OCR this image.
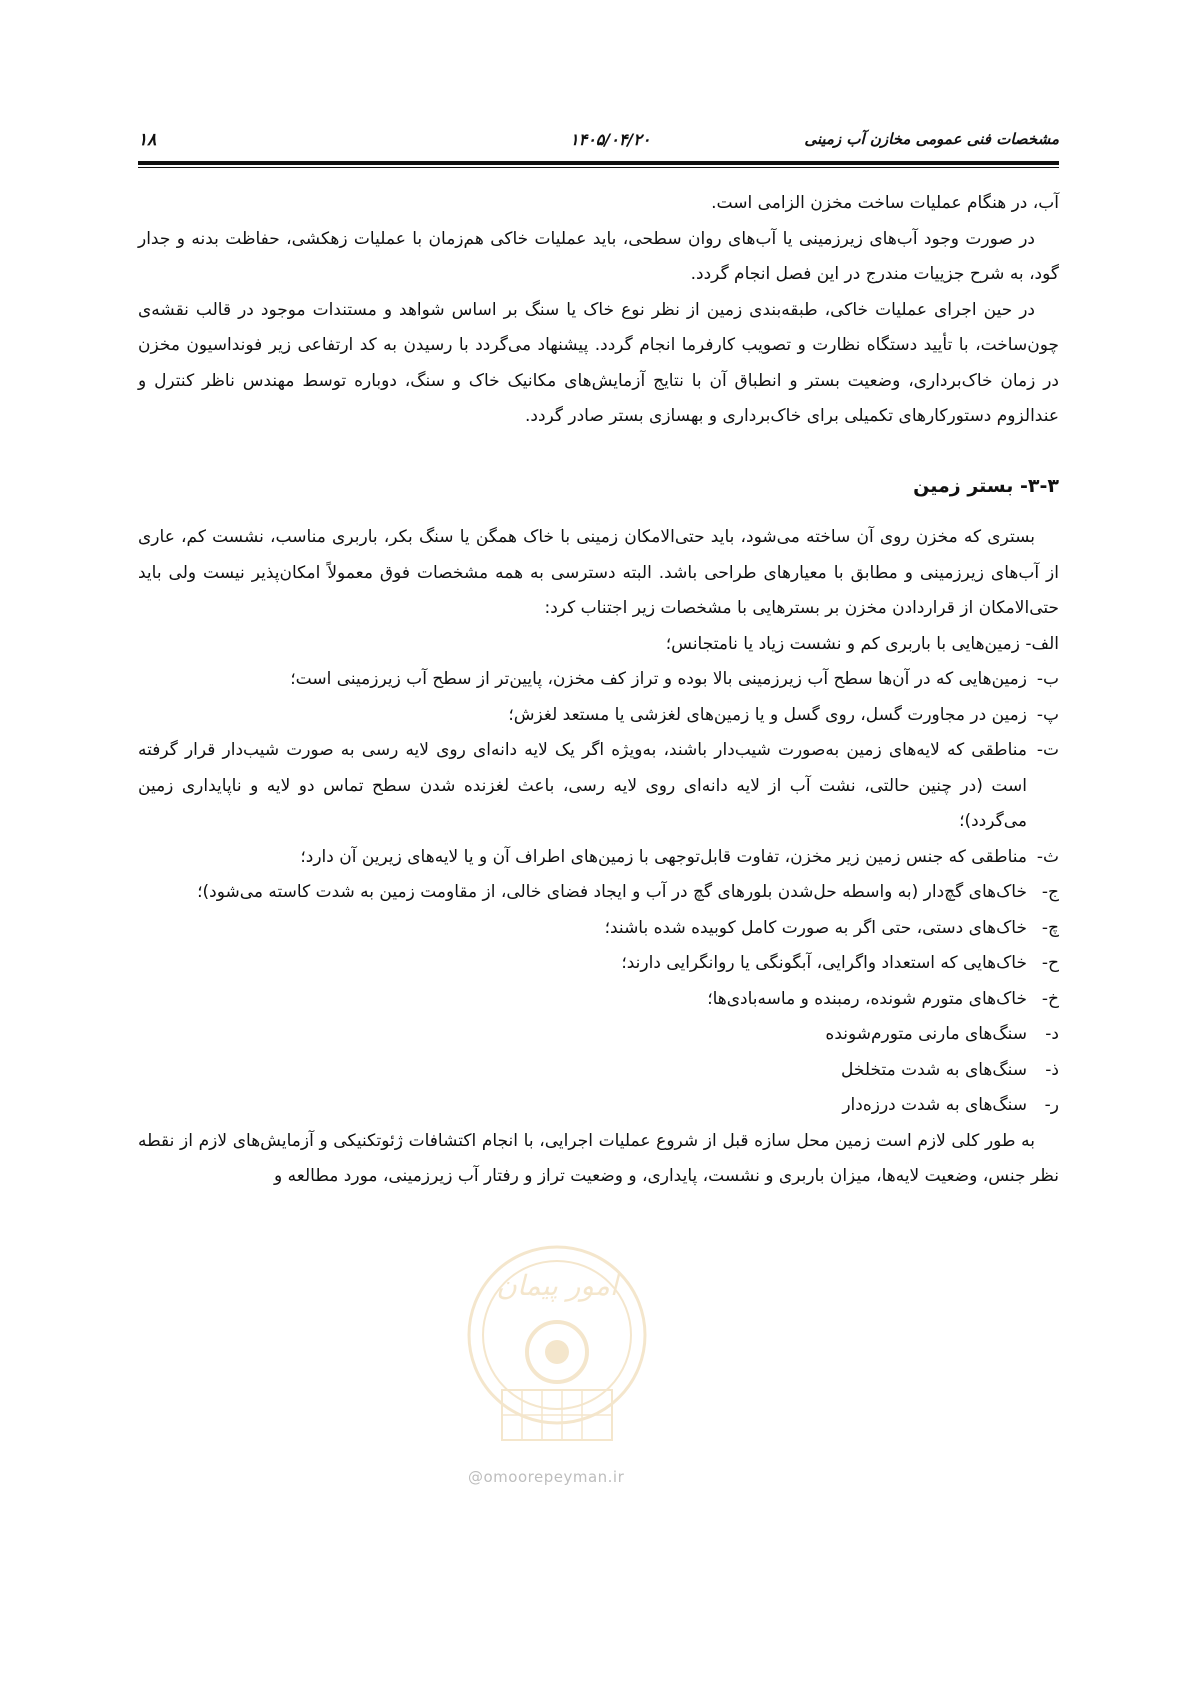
۱۸	۱۴۰۵/۰۴/۲۰	مشخصات فنی عمومی مخازن آب زمینی

آب، در هنگام عملیات ساخت مخزن الزامی است.

در صورت وجود آب‌های زیرزمینی یا آب‌های روان سطحی، باید عملیات خاکی هم‌زمان با عملیات زهکشی، حفاظت بدنه و جدار گود، به شرح جزییات مندرج در این فصل انجام گردد.

در حین اجرای عملیات خاکی، طبقه‌بندی زمین از نظر نوع خاک یا سنگ بر اساس شواهد و مستندات موجود در قالب نقشه‌ی چون‌ساخت، با تأیید دستگاه نظارت و تصویب کارفرما انجام گردد. پیشنهاد می‌گردد با رسیدن به کد ارتفاعی زیر فونداسیون مخزن در زمان خاک‌برداری، وضعیت بستر و انطباق آن با نتایج آزمایش‌های مکانیک خاک و سنگ، دوباره توسط مهندس ناظر کنترل و عندالزوم دستورکارهای تکمیلی برای خاک‌برداری و بهسازی بستر صادر گردد.

۳-۳- بستر زمین

بستری که مخزن روی آن ساخته می‌شود، باید حتی‌الامکان زمینی با خاک همگن یا سنگ بکر، باربری مناسب، نشست کم، عاری از آب‌های زیرزمینی و مطابق با معیارهای طراحی باشد. البته دسترسی به همه مشخصات فوق معمولاً امکان‌پذیر نیست ولی باید حتی‌الامکان از قراردادن مخزن بر بسترهایی با مشخصات زیر اجتناب کرد:

الف- زمین‌هایی با باربری کم و نشست زیاد یا نامتجانس؛
ب-
زمین‌هایی که در آن‌ها سطح آب زیرزمینی بالا بوده و تراز کف مخزن، پایین‌تر از سطح آب زیرزمینی است؛
پ-
زمین در مجاورت گسل، روی گسل و یا زمین‌های لغزشی یا مستعد لغزش؛
ت-
مناطقی که لایه‌های زمین به‌صورت شیب‌دار باشند، به‌ویژه اگر یک لایه دانه‌ای روی لایه رسی به صورت شیب‌دار قرار گرفته است (در چنین حالتی، نشت آب از لایه دانه‌ای روی لایه رسی، باعث لغزنده شدن سطح تماس دو لایه و ناپایداری زمین می‌گردد)؛
ث-
مناطقی که جنس زمین زیر مخزن، تفاوت قابل‌توجهی با زمین‌های اطراف آن و یا لایه‌های زیرین آن دارد؛
ج-
خاک‌های گچ‌دار (به واسطه حل‌شدن بلورهای گچ در آب و ایجاد فضای خالی، از مقاومت زمین به شدت کاسته می‌شود)؛
چ-
خاک‌های دستی، حتی اگر به صورت کامل کوبیده شده باشند؛
ح-
خاک‌هایی که استعداد واگرایی، آبگونگی یا روانگرایی دارند؛
خ-
خاک‌های متورم شونده، رمبنده و ماسه‌بادی‌ها؛
د-
سنگ‌های مارنی متورم‌شونده
ذ-
سنگ‌های به شدت متخلخل
ر-
سنگ‌های به شدت درزه‌دار

به طور کلی لازم است زمین محل سازه قبل از شروع عملیات اجرایی، با انجام اکتشافات ژئوتکنیکی و آزمایش‌های لازم از نقطه نظر جنس، وضعیت لایه‌ها، میزان باربری و نشست، پایداری، و وضعیت تراز و رفتار آب زیرزمینی، مورد مطالعه و

امور پیمان
@omoorepeyman.ir
